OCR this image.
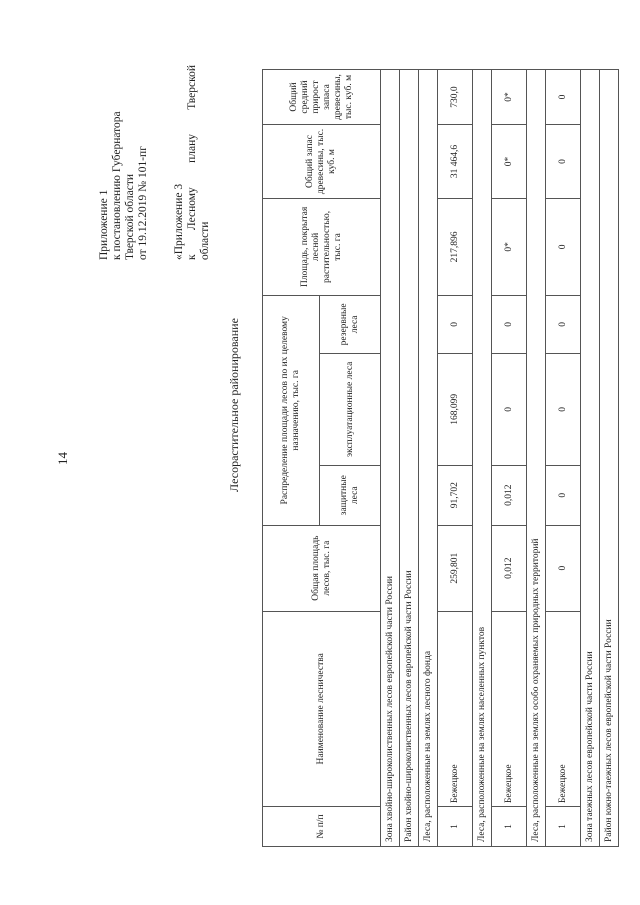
14
Приложение 1 к постановлению Губернатора Тверской области от 19.12.2019 № 101-пг «Приложение 3 к Лесному плану Тверской области
Лесорастительное районирование
№ п/п	Наименование лесничества	Общая площадь лесов, тыс. га	Распределение площади лесов по их целевому назначению, тыс. га			Площадь, покрытая лесной растительностью, тыс. га	Общий запас древесины, тыс. куб. м	Общий средний прирост запаса древесины, тыс. куб. м
			защитные леса	эксплуатационные леса	резервные леса			
Зона хвойно-широколиственных лесов европейской части России								
Район хвойно-широколиственных лесов европейской части России								
Леса, расположенные на землях лесного фонда								
1	Бежецкое	259,801	91,702	168,099	0	217,896	31 464,6	730,0
Леса, расположенные на землях населенных пунктов								
1	Бежецкое	0,012	0,012	0	0	0*	0*	0*
Леса, расположенные на землях особо охраняемых природных территорий								
1	Бежецкое	0	0	0	0	0	0	0
Зона таежных лесов европейской части России								
Район южно-таежных лесов европейской части России								
